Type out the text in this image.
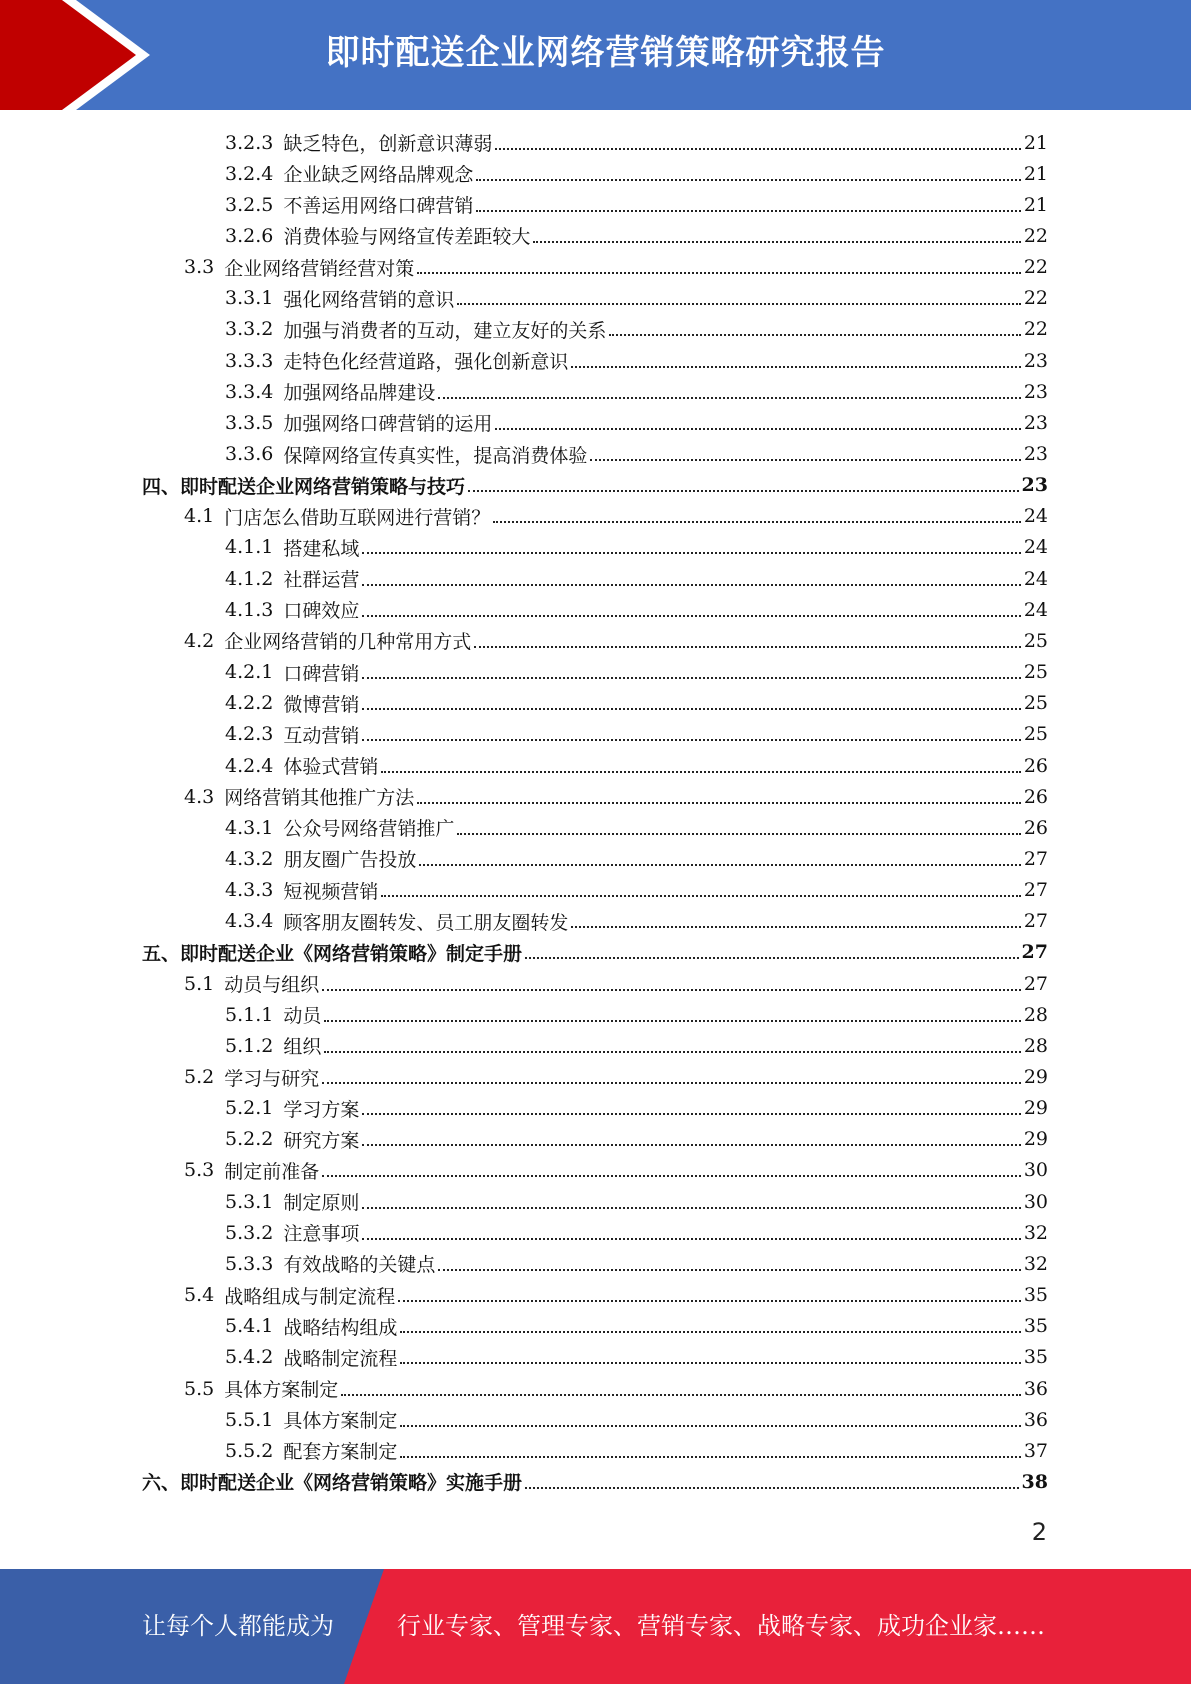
即时配送企业网络营销策略研究报告
3.2.3 缺乏特色，创新意识薄弱	21
3.2.4 企业缺乏网络品牌观念	21
3.2.5 不善运用网络口碑营销	21
3.2.6 消费体验与网络宣传差距较大	22
3.3 企业网络营销经营对策	22
3.3.1 强化网络营销的意识	22
3.3.2 加强与消费者的互动，建立友好的关系	22
3.3.3 走特色化经营道路，强化创新意识	23
3.3.4 加强网络品牌建设	23
3.3.5 加强网络口碑营销的运用	23
3.3.6 保障网络宣传真实性，提高消费体验	23
四、 即时配送企业网络营销策略与技巧	23
4.1 门店怎么借助互联网进行营销？	24
4.1.1 搭建私域	24
4.1.2 社群运营	24
4.1.3 口碑效应	24
4.2 企业网络营销的几种常用方式	25
4.2.1 口碑营销	25
4.2.2 微博营销	25
4.2.3 互动营销	25
4.2.4 体验式营销	26
4.3 网络营销其他推广方法	26
4.3.1 公众号网络营销推广	26
4.3.2 朋友圈广告投放	27
4.3.3 短视频营销	27
4.3.4 顾客朋友圈转发、员工朋友圈转发	27
五、 即时配送企业《网络营销策略》制定手册	27
5.1 动员与组织	27
5.1.1 动员	28
5.1.2 组织	28
5.2 学习与研究	29
5.2.1 学习方案	29
5.2.2 研究方案	29
5.3 制定前准备	30
5.3.1 制定原则	30
5.3.2 注意事项	32
5.3.3 有效战略的关键点	32
5.4 战略组成与制定流程	35
5.4.1 战略结构组成	35
5.4.2 战略制定流程	35
5.5 具体方案制定	36
5.5.1 具体方案制定	36
5.5.2 配套方案制定	37
六、 即时配送企业《网络营销策略》实施手册	38
2
让每个人都能成为	行业专家、管理专家、营销专家、战略专家、成功企业家……
